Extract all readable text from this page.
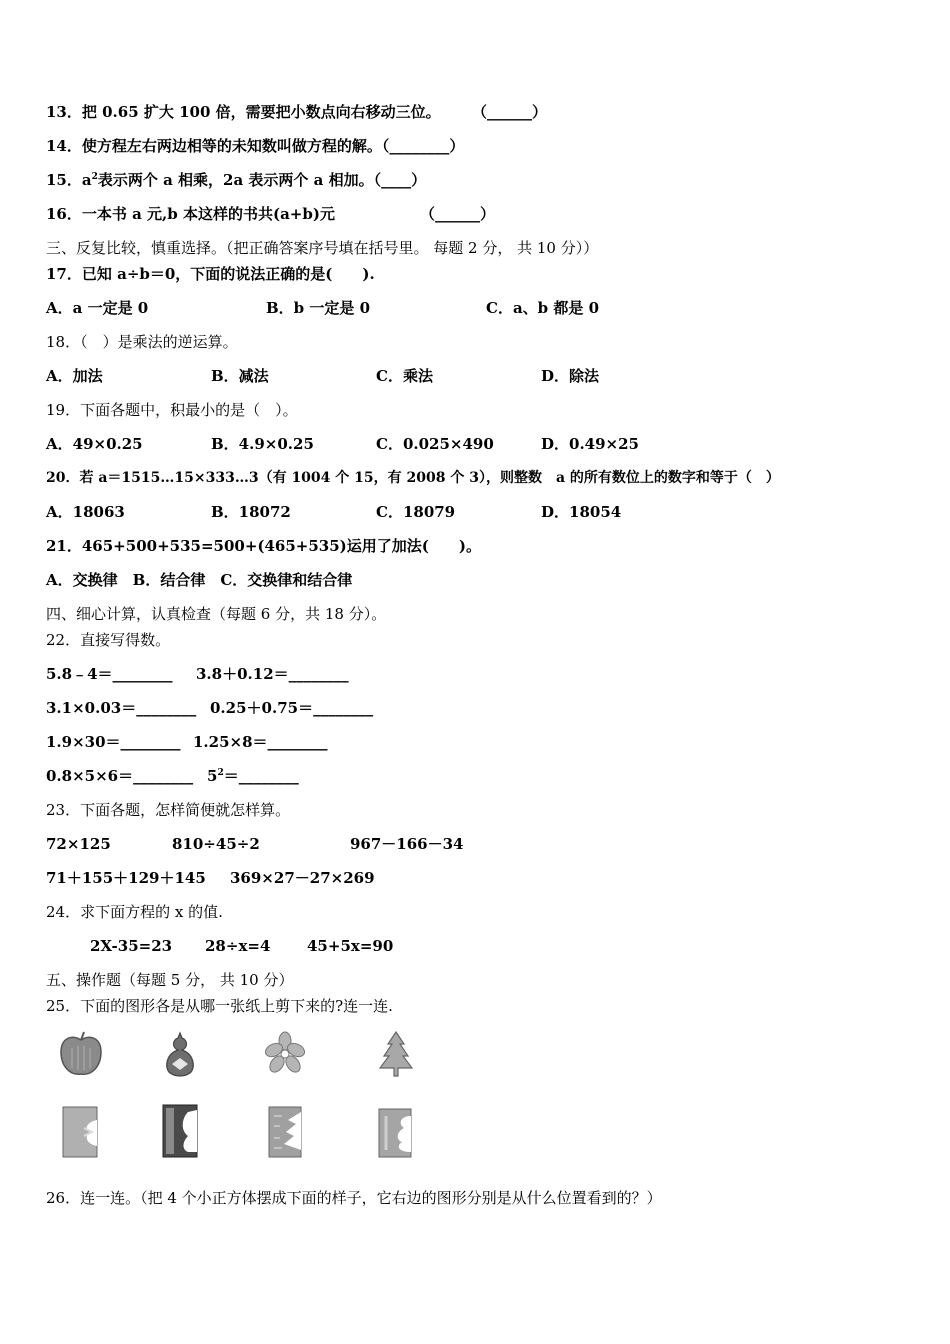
13．把 0.65 扩大 100 倍，需要把小数点向右移动三位。 （______）
14．使方程左右两边相等的未知数叫做方程的解。（________）
15．$a^2$表示两个 a 相乘，2a 表示两个 a 相加。（____）
16．一本书 a 元,b 本这样的书共(a+b)元	（______）
三、反复比较，慎重选择。（把正确答案序号填在括号里。 每题 2 分， 共 10 分））
17．已知 a÷b＝0，下面的说法正确的是(　　).
A．a 一定是 0	B．b 一定是 0	C．a、b 都是 0
18．（　）是乘法的逆运算。
A．加法	B．减法	C．乘法	D．除法
19．下面各题中，积最小的是（　）。
A．49×0.25	B．4.9×0.25	C．0.025×490	D．0.49×25
20．若 a＝1515…15×333…3（有 1004 个 15，有 2008 个 3），则整数　a 的所有数位上的数字和等于（　）
A．18063	B．18072	C．18079	D．18054
21．465+500+535=500+(465+535)运用了加法(　　)。
A．交换律　B．结合律　C．交换律和结合律
四、细心计算，认真检查（每题 6 分，共 18 分）。
22．直接写得数。
5.8﹣4＝________ 3.8＋0.12＝________
3.1×0.03＝________ 0.25＋0.75＝________
1.9×30＝________ 1.25×8＝________
0.8×5×6＝________ $5^2=\_\_\_\_\_\_\_\_$
23．下面各题，怎样简便就怎样算。
72×125	810÷45÷2	967－166－34
71＋155＋129＋145 369×27－27×269
24．求下面方程的 x 的值.
2X-35=23 28÷x=4 45+5x=90
五、操作题（每题 5 分， 共 10 分）
25．下面的图形各是从哪一张纸上剪下来的?连一连.
26．连一连。（把 4 个小正方体摆成下面的样子，它右边的图形分别是从什么位置看到的？）
